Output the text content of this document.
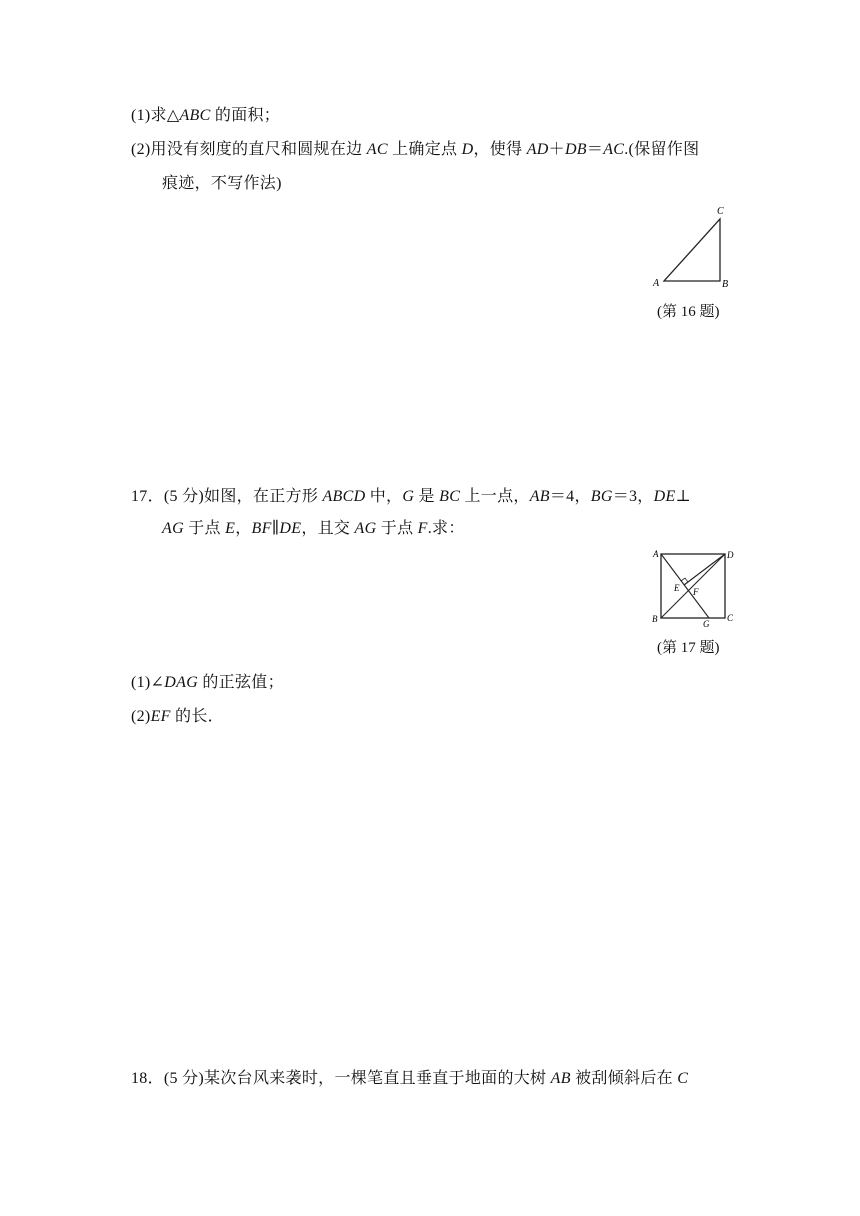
(1)求△ABC 的面积；
(2)用没有刻度的直尺和圆规在边 AC 上确定点 D，使得 AD＋DB＝AC.(保留作图
痕迹，不写作法)
C
A	B
(第 16 题)
17．(5 分)如图，在正方形 ABCD 中，G 是 BC 上一点，AB＝4，BG＝3，DE⊥
AG 于点 E，BF∥DE，且交 AG 于点 F.求：
A	D
B	C
E F
G
(第 17 题)
(1)∠DAG 的正弦值；
(2)EF 的长．
18．(5 分)某次台风来袭时，一棵笔直且垂直于地面的大树 AB 被刮倾斜后在 C
